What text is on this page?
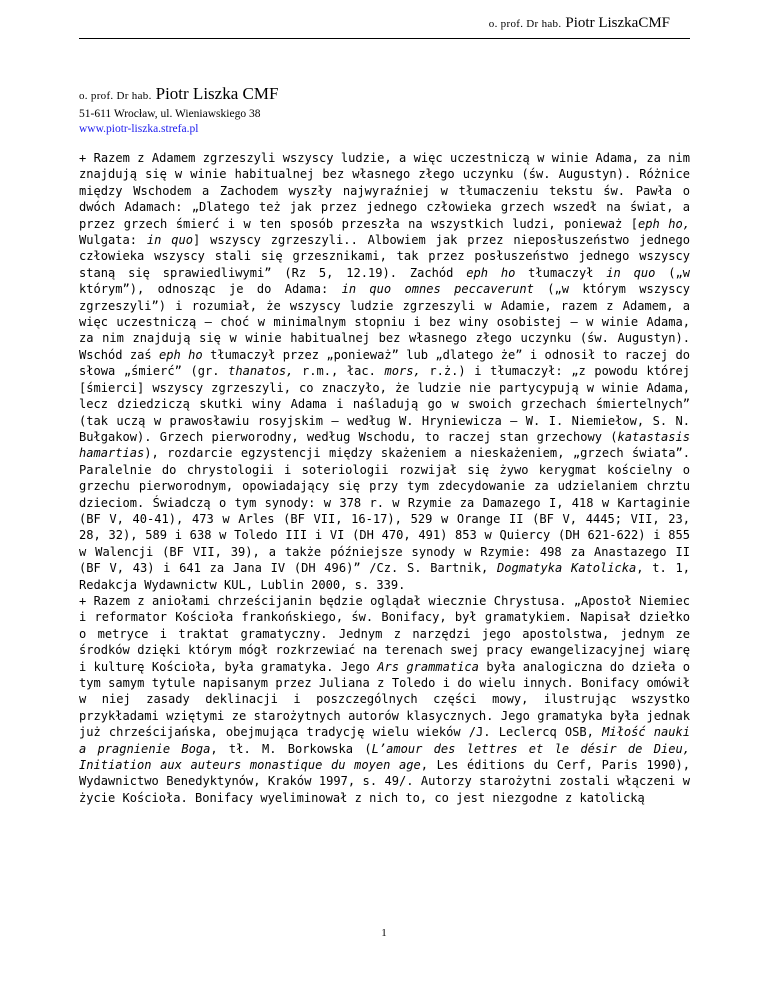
o. prof. Dr hab. Piotr LiszkaCMF
o. prof. Dr hab. Piotr Liszka CMF
51-611 Wrocław, ul. Wieniawskiego 38
www.piotr-liszka.strefa.pl

+ Razem z Adamem zgrzeszyli wszyscy ludzie, a więc uczestniczą w winie Adama, za nim znajdują się w winie habitualnej bez własnego złego uczynku (św. Augustyn). Różnice między Wschodem a Zachodem wyszły najwyraźniej w tłumaczeniu tekstu św. Pawła o dwóch Adamach: „Dlatego też jak przez jednego człowieka grzech wszedł na świat, a przez grzech śmierć i w ten sposób przeszła na wszystkich ludzi, ponieważ [eph ho, Wulgata: in quo] wszyscy zgrzeszyli.. Albowiem jak przez nieposłuszeństwo jednego człowieka wszyscy stali się grzesznikami, tak przez posłuszeństwo jednego wszyscy staną się sprawiedliwymi” (Rz 5, 12.19). Zachód eph ho tłumaczył in quo („w którym”), odnosząc je do Adama: in quo omnes peccaverunt („w którym wszyscy zgrzeszyli”) i rozumiał, że wszyscy ludzie zgrzeszyli w Adamie, razem z Adamem, a więc uczestniczą – choć w minimalnym stopniu i bez winy osobistej – w winie Adama, za nim znajdują się w winie habitualnej bez własnego złego uczynku (św. Augustyn). Wschód zaś eph ho tłumaczył przez „ponieważ” lub „dlatego że” i odnosił to raczej do słowa „śmierć” (gr. thanatos, r.m., łac. mors, r.ż.) i tłumaczył: „z powodu której [śmierci] wszyscy zgrzeszyli, co znaczyło, że ludzie nie partycypują w winie Adama, lecz dziedziczą skutki winy Adama i naśladują go w swoich grzechach śmiertelnych” (tak uczą w prawosławiu rosyjskim – według W. Hryniewicza – W. I. Niemiełow, S. N. Bułgakow). Grzech pierworodny, według Wschodu, to raczej stan grzechowy (katastasis hamartias), rozdarcie egzystencji między skażeniem a nieskażeniem, „grzech świata”. Paralelnie do chrystologii i soteriologii rozwijał się żywo kerygmat kościelny o grzechu pierworodnym, opowiadający się przy tym zdecydowanie za udzielaniem chrztu dzieciom. Świadczą o tym synody: w 378 r. w Rzymie za Damazego I, 418 w Kartaginie (BF V, 40-41), 473 w Arles (BF VII, 16-17), 529 w Orange II (BF V, 4445; VII, 23, 28, 32), 589 i 638 w Toledo III i VI (DH 470, 491) 853 w Quiercy (DH 621-622) i 855 w Walencji (BF VII, 39), a także późniejsze synody w Rzymie: 498 za Anastazego II (BF V, 43) i 641 za Jana IV (DH 496)” /Cz. S. Bartnik, Dogmatyka Katolicka, t. 1, Redakcja Wydawnictw KUL, Lublin 2000, s. 339.

+ Razem z aniołami chrześcijanin będzie oglądał wiecznie Chrystusa. „Apostoł Niemiec i reformator Kościoła frankońskiego, św. Bonifacy, był gramatykiem. Napisał dziełko o metryce i traktat gramatyczny. Jednym z narzędzi jego apostolstwa, jednym ze środków dzięki którym mógł rozkrzewiać na terenach swej pracy ewangelizacyjnej wiarę i kulturę Kościoła, była gramatyka. Jego Ars grammatica była analogiczna do dzieła o tym samym tytule napisanym przez Juliana z Toledo i do wielu innych. Bonifacy omówił w niej zasady deklinacji i poszczególnych części mowy, ilustrując wszystko przykładami wziętymi ze starożytnych autorów klasycznych. Jego gramatyka była jednak już chrześcijańska, obejmująca tradycję wielu wieków /J. Leclercq OSB, Miłość nauki a pragnienie Boga, tł. M. Borkowska (L’amour des lettres et le désir de Dieu, Initiation aux auteurs monastique du moyen age, Les éditions du Cerf, Paris 1990), Wydawnictwo Benedyktynów, Kraków 1997, s. 49/. Autorzy starożytni zostali włączeni w życie Kościoła. Bonifacy wyeliminował z nich to, co jest niezgodne z katolicką

1
